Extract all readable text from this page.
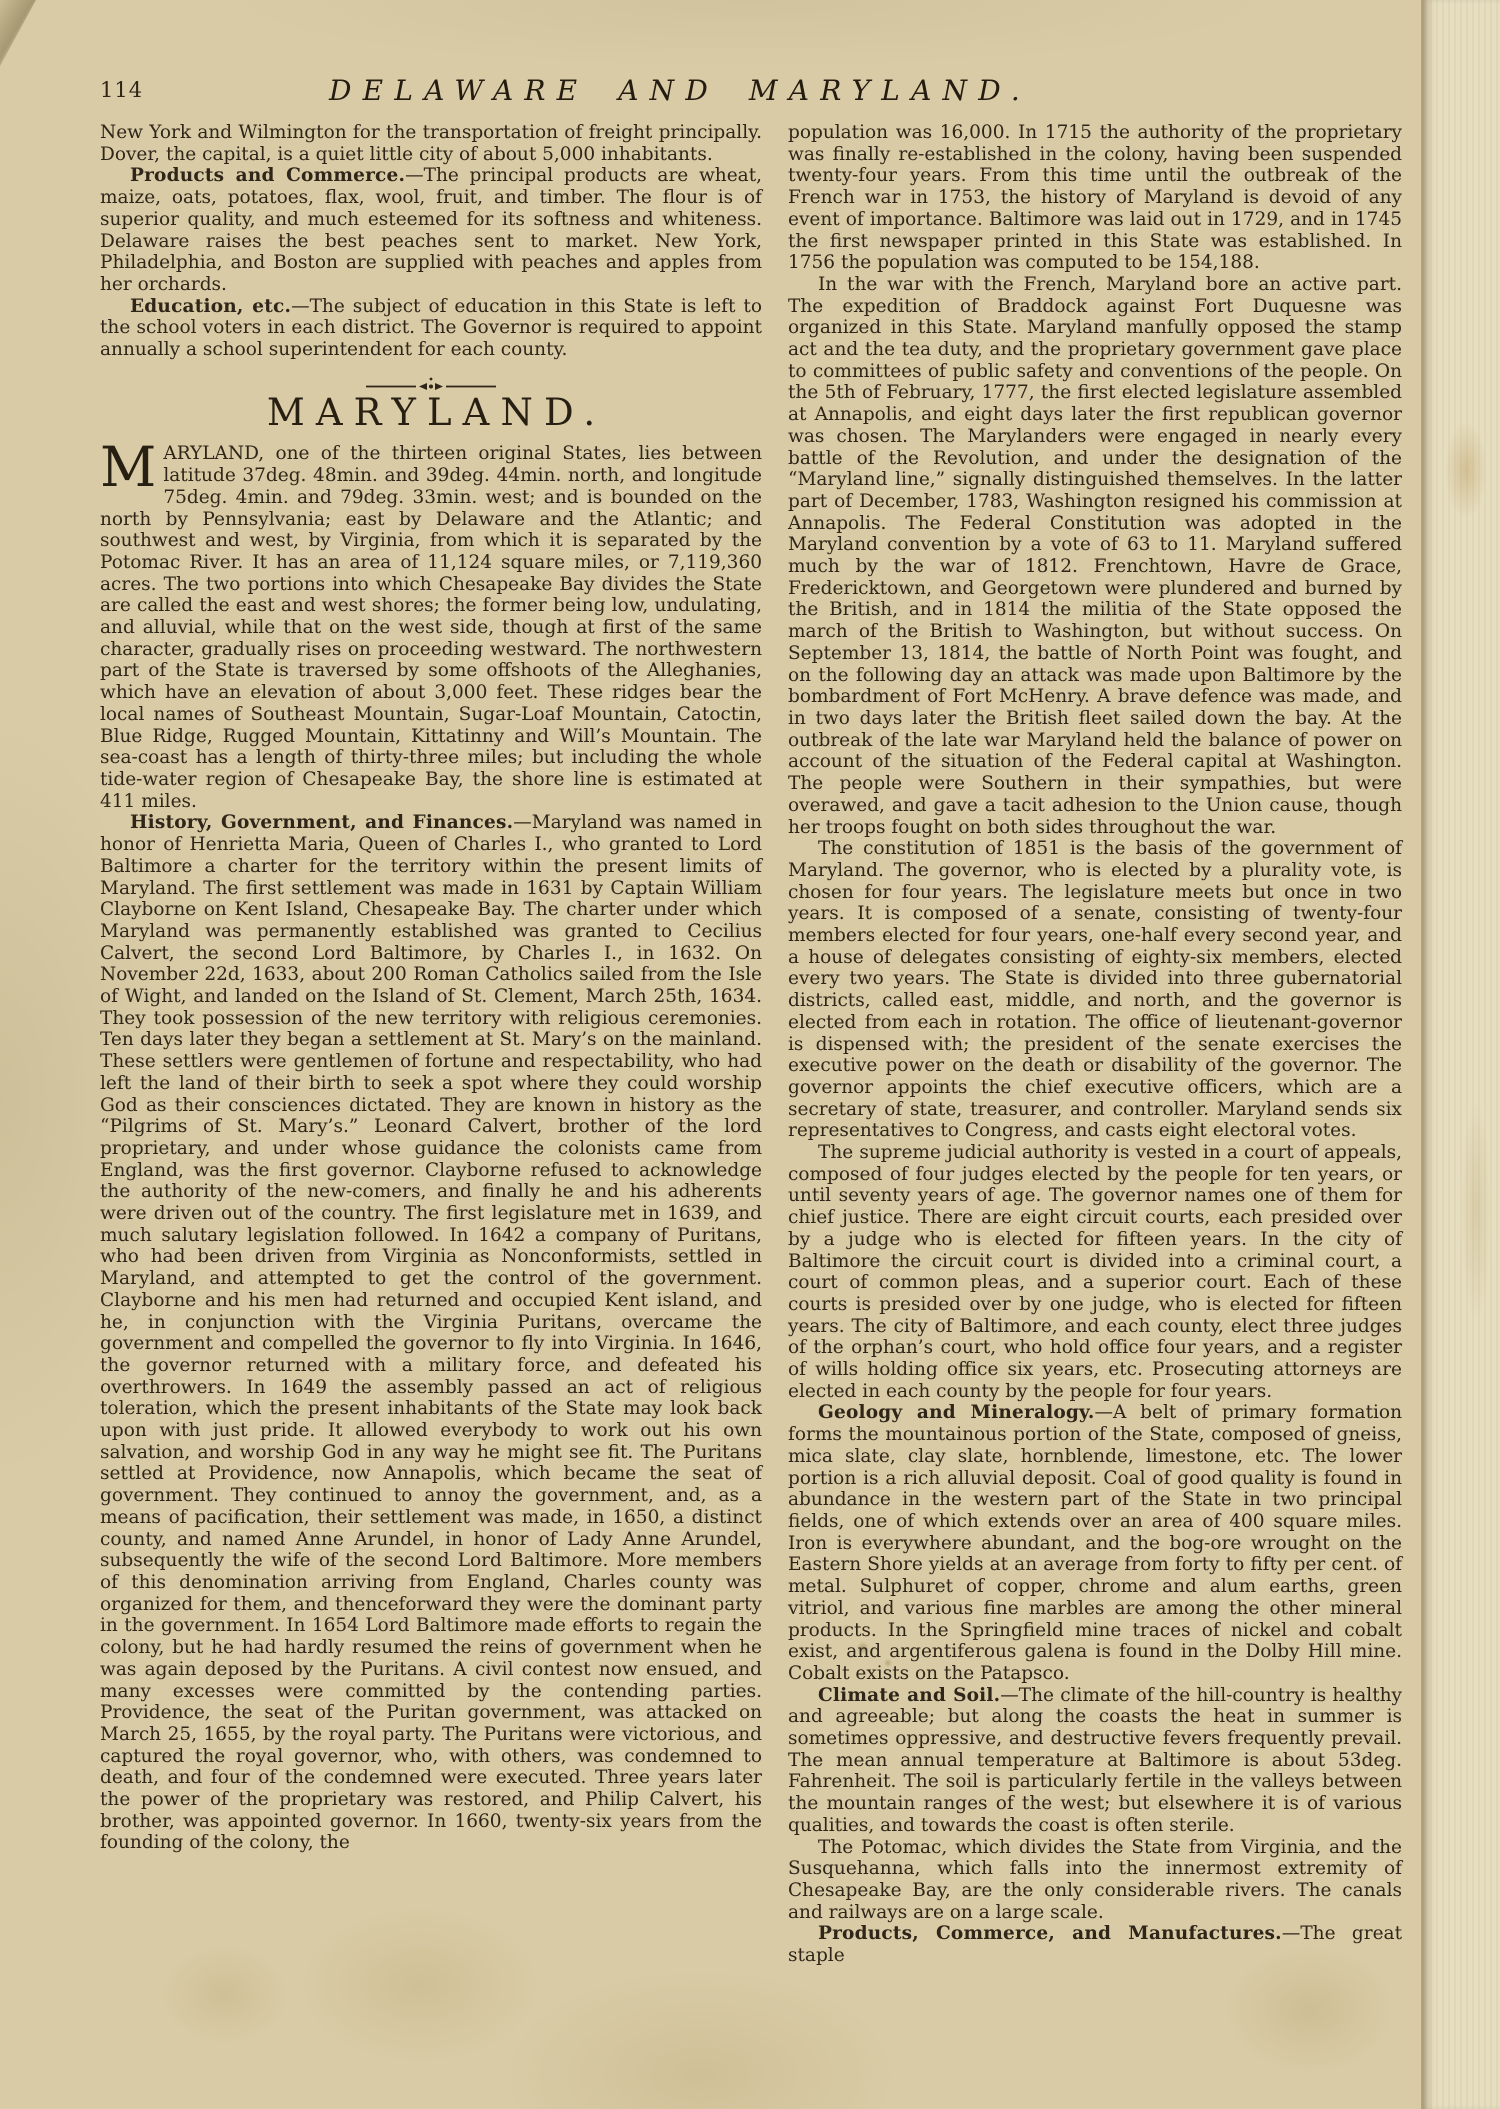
114	DELAWARE AND MARYLAND.

New York and Wilmington for the transportation of freight principally. Dover, the capital, is a quiet little city of about 5,000 inhabitants.

Products and Commerce.—The principal products are wheat, maize, oats, potatoes, flax, wool, fruit, and timber. The flour is of superior quality, and much esteemed for its softness and whiteness. Delaware raises the best peaches sent to market. New York, Philadelphia, and Boston are supplied with peaches and apples from her orchards.

Education, etc.—The subject of education in this State is left to the school voters in each district. The Governor is required to appoint annually a school superintendent for each county.

MARYLAND.

MARYLAND, one of the thirteen original States, lies between latitude 37deg. 48min. and 39deg. 44min. north, and longitude 75deg. 4min. and 79deg. 33min. west; and is bounded on the north by Pennsylvania; east by Delaware and the Atlantic; and southwest and west, by Virginia, from which it is separated by the Potomac River. It has an area of 11,124 square miles, or 7,119,360 acres. The two portions into which Chesapeake Bay divides the State are called the east and west shores; the former being low, undulating, and alluvial, while that on the west side, though at first of the same character, gradually rises on proceeding westward. The northwestern part of the State is traversed by some offshoots of the Alleghanies, which have an elevation of about 3,000 feet. These ridges bear the local names of Southeast Mountain, Sugar-Loaf Mountain, Catoctin, Blue Ridge, Rugged Mountain, Kittatinny and Will’s Mountain. The sea-coast has a length of thirty-three miles; but including the whole tide-water region of Chesapeake Bay, the shore line is estimated at 411 miles.

History, Government, and Finances.—Maryland was named in honor of Henrietta Maria, Queen of Charles I., who granted to Lord Baltimore a charter for the territory within the present limits of Maryland. The first settlement was made in 1631 by Captain William Clayborne on Kent Island, Chesapeake Bay. The charter under which Maryland was permanently established was granted to Cecilius Calvert, the second Lord Baltimore, by Charles I., in 1632. On November 22d, 1633, about 200 Roman Catholics sailed from the Isle of Wight, and landed on the Island of St. Clement, March 25th, 1634. They took possession of the new territory with religious ceremonies. Ten days later they began a settlement at St. Mary’s on the mainland. These settlers were gentlemen of fortune and respectability, who had left the land of their birth to seek a spot where they could worship God as their consciences dictated. They are known in history as the “Pilgrims of St. Mary’s.” Leonard Calvert, brother of the lord proprietary, and under whose guidance the colonists came from England, was the first governor. Clayborne refused to acknowledge the authority of the new-comers, and finally he and his adherents were driven out of the country. The first legislature met in 1639, and much salutary legislation followed. In 1642 a company of Puritans, who had been driven from Virginia as Nonconformists, settled in Maryland, and attempted to get the control of the government. Clayborne and his men had returned and occupied Kent island, and he, in conjunction with the Virginia Puritans, overcame the government and compelled the governor to fly into Virginia. In 1646, the governor returned with a military force, and defeated his overthrowers. In 1649 the assembly passed an act of religious toleration, which the present inhabitants of the State may look back upon with just pride. It allowed everybody to work out his own salvation, and worship God in any way he might see fit. The Puritans settled at Providence, now Annapolis, which became the seat of government. They continued to annoy the government, and, as a means of pacification, their settlement was made, in 1650, a distinct county, and named Anne Arundel, in honor of Lady Anne Arundel, subsequently the wife of the second Lord Baltimore. More members of this denomination arriving from England, Charles county was organized for them, and thenceforward they were the dominant party in the government. In 1654 Lord Baltimore made efforts to regain the colony, but he had hardly resumed the reins of government when he was again deposed by the Puritans. A civil contest now ensued, and many excesses were committed by the contending parties. Providence, the seat of the Puritan government, was attacked on March 25, 1655, by the royal party. The Puritans were victorious, and captured the royal governor, who, with others, was condemned to death, and four of the condemned were executed. Three years later the power of the proprietary was restored, and Philip Calvert, his brother, was appointed governor. In 1660, twenty-six years from the founding of the colony, the

population was 16,000. In 1715 the authority of the proprietary was finally re-established in the colony, having been suspended twenty-four years. From this time until the outbreak of the French war in 1753, the history of Maryland is devoid of any event of importance. Baltimore was laid out in 1729, and in 1745 the first newspaper printed in this State was established. In 1756 the population was computed to be 154,188.

In the war with the French, Maryland bore an active part. The expedition of Braddock against Fort Duquesne was organized in this State. Maryland manfully opposed the stamp act and the tea duty, and the proprietary government gave place to committees of public safety and conventions of the people. On the 5th of February, 1777, the first elected legislature assembled at Annapolis, and eight days later the first republican governor was chosen. The Marylanders were engaged in nearly every battle of the Revolution, and under the designation of the “Maryland line,” signally distinguished themselves. In the latter part of December, 1783, Washington resigned his commission at Annapolis. The Federal Constitution was adopted in the Maryland convention by a vote of 63 to 11. Maryland suffered much by the war of 1812. Frenchtown, Havre de Grace, Fredericktown, and Georgetown were plundered and burned by the British, and in 1814 the militia of the State opposed the march of the British to Washington, but without success. On September 13, 1814, the battle of North Point was fought, and on the following day an attack was made upon Baltimore by the bombardment of Fort McHenry. A brave defence was made, and in two days later the British fleet sailed down the bay. At the outbreak of the late war Maryland held the balance of power on account of the situation of the Federal capital at Washington. The people were Southern in their sympathies, but were overawed, and gave a tacit adhesion to the Union cause, though her troops fought on both sides throughout the war.

The constitution of 1851 is the basis of the government of Maryland. The governor, who is elected by a plurality vote, is chosen for four years. The legislature meets but once in two years. It is composed of a senate, consisting of twenty-four members elected for four years, one-half every second year, and a house of delegates consisting of eighty-six members, elected every two years. The State is divided into three gubernatorial districts, called east, middle, and north, and the governor is elected from each in rotation. The office of lieutenant-governor is dispensed with; the president of the senate exercises the executive power on the death or disability of the governor. The governor appoints the chief executive officers, which are a secretary of state, treasurer, and controller. Maryland sends six representatives to Congress, and casts eight electoral votes.

The supreme judicial authority is vested in a court of appeals, composed of four judges elected by the people for ten years, or until seventy years of age. The governor names one of them for chief justice. There are eight circuit courts, each presided over by a judge who is elected for fifteen years. In the city of Baltimore the circuit court is divided into a criminal court, a court of common pleas, and a superior court. Each of these courts is presided over by one judge, who is elected for fifteen years. The city of Baltimore, and each county, elect three judges of the orphan’s court, who hold office four years, and a register of wills holding office six years, etc. Prosecuting attorneys are elected in each county by the people for four years.

Geology and Mineralogy.—A belt of primary formation forms the mountainous portion of the State, composed of gneiss, mica slate, clay slate, hornblende, limestone, etc. The lower portion is a rich alluvial deposit. Coal of good quality is found in abundance in the western part of the State in two principal fields, one of which extends over an area of 400 square miles. Iron is everywhere abundant, and the bog-ore wrought on the Eastern Shore yields at an average from forty to fifty per cent. of metal. Sulphuret of copper, chrome and alum earths, green vitriol, and various fine marbles are among the other mineral products. In the Springfield mine traces of nickel and cobalt exist, and argentiferous galena is found in the Dolby Hill mine. Cobalt exists on the Patapsco.

Climate and Soil.—The climate of the hill-country is healthy and agreeable; but along the coasts the heat in summer is sometimes oppressive, and destructive fevers frequently prevail. The mean annual temperature at Baltimore is about 53deg. Fahrenheit. The soil is particularly fertile in the valleys between the mountain ranges of the west; but elsewhere it is of various qualities, and towards the coast is often sterile.

The Potomac, which divides the State from Virginia, and the Susquehanna, which falls into the innermost extremity of Chesapeake Bay, are the only considerable rivers. The canals and railways are on a large scale.

Products, Commerce, and Manufactures.—The great staple
